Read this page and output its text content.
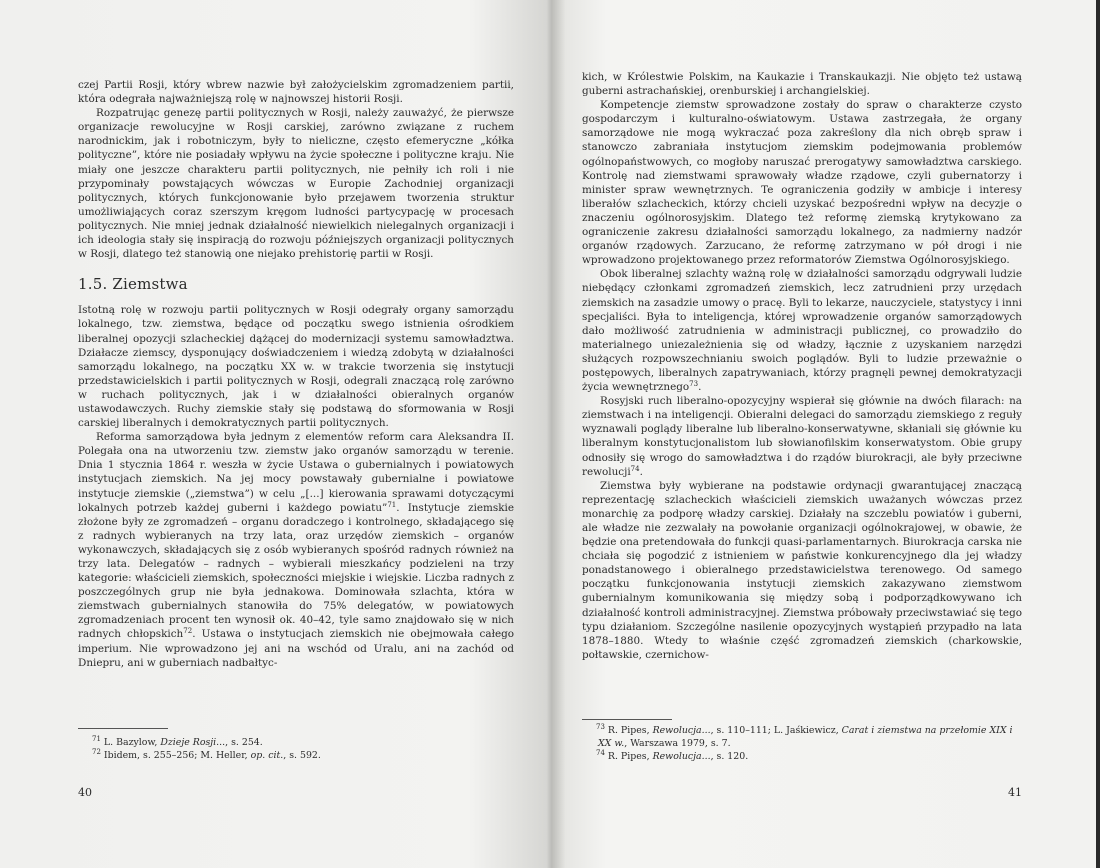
czej Partii Rosji, który wbrew nazwie był założycielskim zgromadzeniem partii, która odegrała najważniejszą rolę w najnowszej historii Rosji.

Rozpatrując genezę partii politycznych w Rosji, należy zauważyć, że pierwsze organizacje rewolucyjne w Rosji carskiej, zarówno związane z ruchem narodnickim, jak i robotniczym, były to nieliczne, często efemeryczne „kółka polityczne”, które nie posiadały wpływu na życie społeczne i polityczne kraju. Nie miały one jeszcze charakteru partii politycznych, nie pełniły ich roli i nie przypominały powstających wówczas w Europie Zachodniej organizacji politycznych, których funkcjonowanie było przejawem tworzenia struktur umożliwiających coraz szerszym kręgom ludności partycypację w procesach politycznych. Nie mniej jednak działalność niewielkich nielegalnych organizacji i ich ideologia stały się inspiracją do rozwoju późniejszych organizacji politycznych w Rosji, dlatego też stanowią one niejako prehistorię partii w Rosji.

1.5. Ziemstwa

Istotną rolę w rozwoju partii politycznych w Rosji odegrały organy samorządu lokalnego, tzw. ziemstwa, będące od początku swego istnienia ośrodkiem liberalnej opozycji szlacheckiej dążącej do modernizacji systemu samowładztwa. Działacze ziemscy, dysponujący doświadczeniem i wiedzą zdobytą w działalności samorządu lokalnego, na początku XX w. w trakcie tworzenia się instytucji przedstawicielskich i partii politycznych w Rosji, odegrali znaczącą rolę zarówno w ruchach politycznych, jak i w działalności obieralnych organów ustawodawczych. Ruchy ziemskie stały się podstawą do sformowania w Rosji carskiej liberalnych i demokratycznych partii politycznych.

Reforma samorządowa była jednym z elementów reform cara Aleksandra II. Polegała ona na utworzeniu tzw. ziemstw jako organów samorządu w terenie. Dnia 1 stycznia 1864 r. weszła w życie Ustawa o gubernialnych i powiatowych instytucjach ziemskich. Na jej mocy powstawały gubernialne i powiatowe instytucje ziemskie („ziemstwa”) w celu „[...] kierowania sprawami dotyczącymi lokalnych potrzeb każdej guberni i każdego powiatu”$^{71}$. Instytucje ziemskie złożone były ze zgromadzeń – organu doradczego i kontrolnego, składającego się z radnych wybieranych na trzy lata, oraz urzędów ziemskich – organów wykonawczych, składających się z osób wybieranych spośród radnych również na trzy lata. Delegatów – radnych – wybierali mieszkańcy podzieleni na trzy kategorie: właścicieli ziemskich, społeczności miejskie i wiejskie. Liczba radnych z poszczególnych grup nie była jednakowa. Dominowała szlachta, która w ziemstwach gubernialnych stanowiła do 75% delegatów, w powiatowych zgromadzeniach procent ten wynosił ok. 40–42, tyle samo znajdowało się w nich radnych chłopskich$^{72}$. Ustawa o instytucjach ziemskich nie obejmowała całego imperium. Nie wprowadzono jej ani na wschód od Uralu, ani na zachód od Dniepru, ani w guberniach nadbałtyc-

$^{71}$ L. Bazylow, Dzieje Rosji..., s. 254.

$^{72}$ Ibidem, s. 255–256; M. Heller, op. cit., s. 592.

40

kich, w Królestwie Polskim, na Kaukazie i Transkaukazji. Nie objęto też ustawą guberni astrachańskiej, orenburskiej i archangielskiej.

Kompetencje ziemstw sprowadzone zostały do spraw o charakterze czysto gospodarczym i kulturalno-oświatowym. Ustawa zastrzegała, że organy samorządowe nie mogą wykraczać poza zakreślony dla nich obręb spraw i stanowczo zabraniała instytucjom ziemskim podejmowania problemów ogólnopaństwowych, co mogłoby naruszać prerogatywy samowładztwa carskiego. Kontrolę nad ziemstwami sprawowały władze rządowe, czyli gubernatorzy i minister spraw wewnętrznych. Te ograniczenia godziły w ambicje i interesy liberałów szlacheckich, którzy chcieli uzyskać bezpośredni wpływ na decyzje o znaczeniu ogólnorosyjskim. Dlatego też reformę ziemską krytykowano za ograniczenie zakresu działalności samorządu lokalnego, za nadmierny nadzór organów rządowych. Zarzucano, że reformę zatrzymano w pół drogi i nie wprowadzono projektowanego przez reformatorów Ziemstwa Ogólnorosyjskiego.

Obok liberalnej szlachty ważną rolę w działalności samorządu odgrywali ludzie niebędący członkami zgromadzeń ziemskich, lecz zatrudnieni przy urzędach ziemskich na zasadzie umowy o pracę. Byli to lekarze, nauczyciele, statystycy i inni specjaliści. Była to inteligencja, której wprowadzenie organów samorządowych dało możliwość zatrudnienia w administracji publicznej, co prowadziło do materialnego uniezależnienia się od władzy, łącznie z uzyskaniem narzędzi służących rozpowszechnianiu swoich poglądów. Byli to ludzie przeważnie o postępowych, liberalnych zapatrywaniach, którzy pragnęli pewnej demokratyzacji życia wewnętrznego$^{73}$.

Rosyjski ruch liberalno-opozycyjny wspierał się głównie na dwóch filarach: na ziemstwach i na inteligencji. Obieralni delegaci do samorządu ziemskiego z reguły wyznawali poglądy liberalne lub liberalno-konserwatywne, skłaniali się głównie ku liberalnym konstytucjonalistom lub słowianofilskim konserwatystom. Obie grupy odnosiły się wrogo do samowładztwa i do rządów biurokracji, ale były przeciwne rewolucji$^{74}$.

Ziemstwa były wybierane na podstawie ordynacji gwarantującej znaczącą reprezentację szlacheckich właścicieli ziemskich uważanych wówczas przez monarchię za podporę władzy carskiej. Działały na szczeblu powiatów i guberni, ale władze nie zezwalały na powołanie organizacji ogólnokrajowej, w obawie, że będzie ona pretendowała do funkcji quasi-parlamentarnych. Biurokracja carska nie chciała się pogodzić z istnieniem w państwie konkurencyjnego dla jej władzy ponadstanowego i obieralnego przedstawicielstwa terenowego. Od samego początku funkcjonowania instytucji ziemskich zakazywano ziemstwom gubernialnym komunikowania się między sobą i podporządkowywano ich działalność kontroli administracyjnej. Ziemstwa próbowały przeciwstawiać się tego typu działaniom. Szczególne nasilenie opozycyjnych wystąpień przypadło na lata 1878–1880. Wtedy to właśnie część zgromadzeń ziemskich (charkowskie, połtawskie, czernichow-

$^{73}$ R. Pipes, Rewolucja..., s. 110–111; L. Jaśkiewicz, Carat i ziemstwa na przełomie XIX i XX w., Warszawa 1979, s. 7.

$^{74}$ R. Pipes, Rewolucja..., s. 120.

41
